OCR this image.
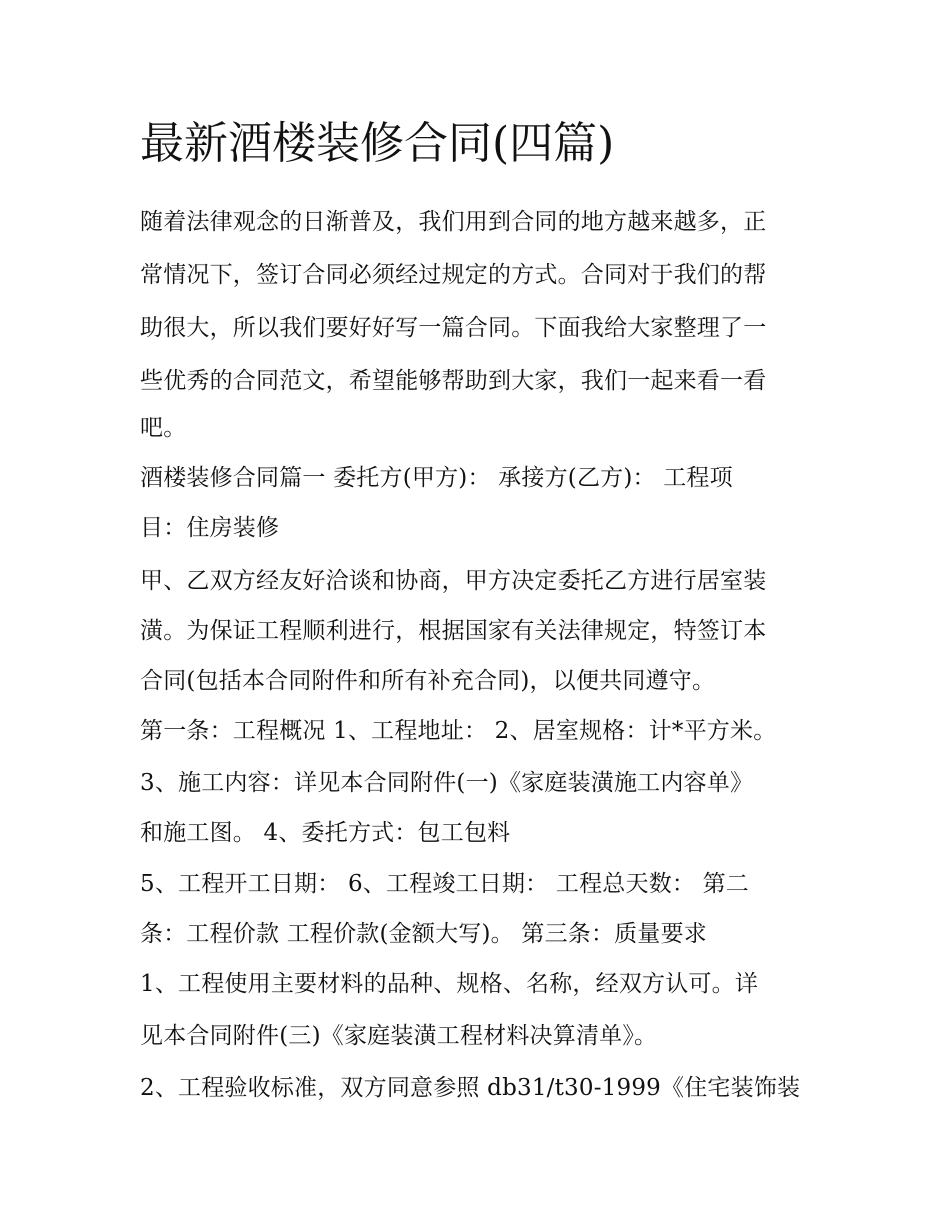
最新酒楼装修合同(四篇)
随着法律观念的日渐普及，我们用到合同的地方越来越多，正
常情况下，签订合同必须经过规定的方式。合同对于我们的帮
助很大，所以我们要好好写一篇合同。下面我给大家整理了一
些优秀的合同范文，希望能够帮助到大家，我们一起来看一看
吧。
酒楼装修合同篇一 委托方(甲方)： 承接方(乙方)： 工程项
目：住房装修
甲、乙双方经友好洽谈和协商，甲方决定委托乙方进行居室装
潢。为保证工程顺利进行，根据国家有关法律规定，特签订本
合同(包括本合同附件和所有补充合同)，以便共同遵守。
第一条：工程概况 1、工程地址： 2、居室规格：计*平方米。
3、施工内容：详见本合同附件(一)《家庭装潢施工内容单》
和施工图。 4、委托方式：包工包料
5、工程开工日期： 6、工程竣工日期： 工程总天数： 第二
条：工程价款 工程价款(金额大写)。 第三条：质量要求
1、工程使用主要材料的品种、规格、名称，经双方认可。详
见本合同附件(三)《家庭装潢工程材料决算清单》。
2、工程验收标准，双方同意参照 db31/t30-1999《住宅装饰装
